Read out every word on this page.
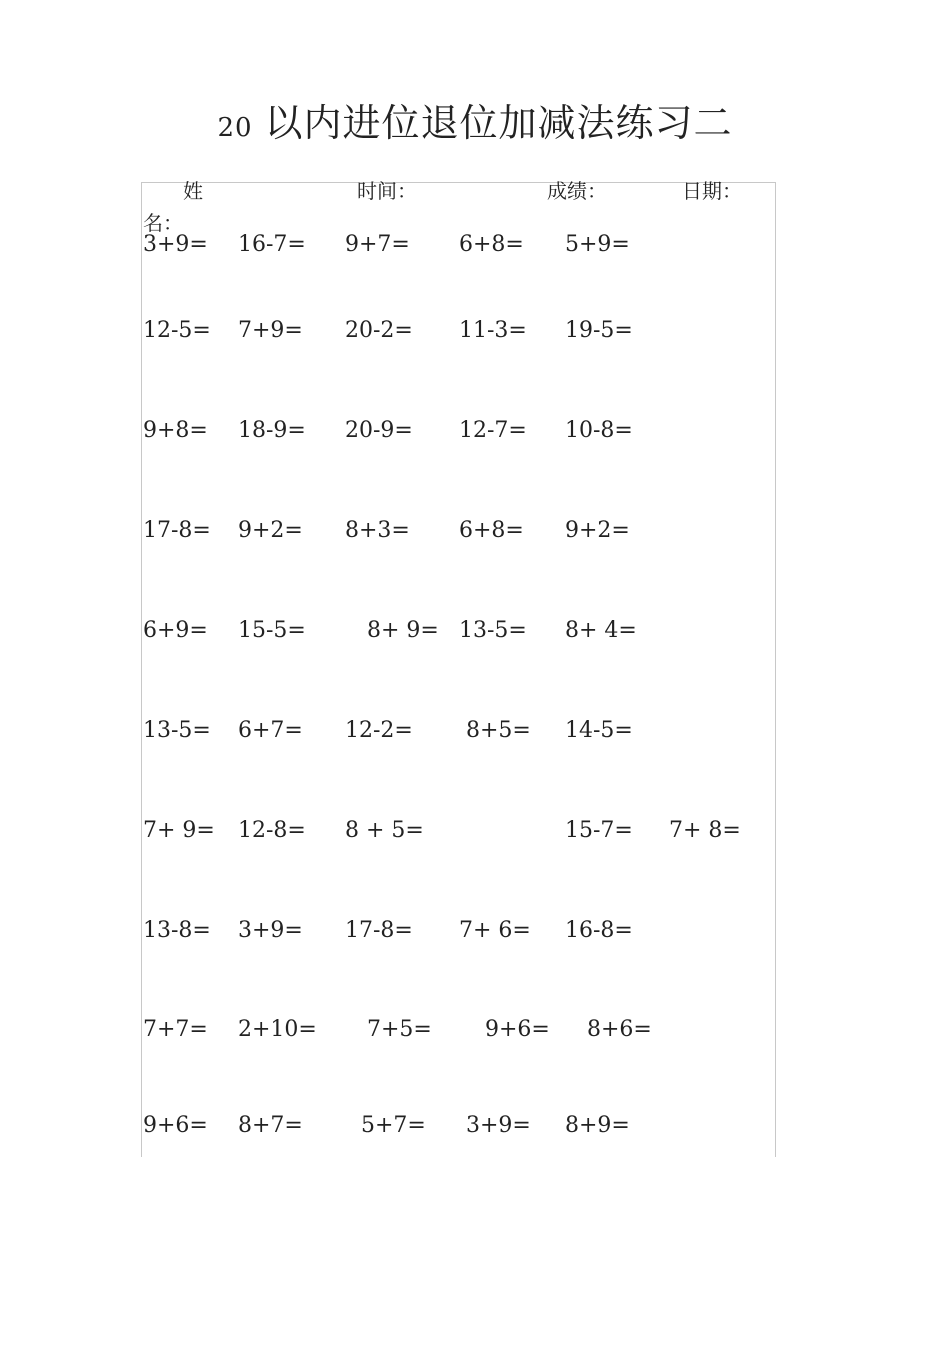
20 以内进位退位加减法练习二
姓
名：
时间：	成绩：	日期：
3+9= 16-7= 9+7= 6+8= 5+9=
12-5= 7+9= 20-2= 11-3= 19-5=
9+8= 18-9= 20-9= 12-7= 10-8=
17-8= 9+2= 8+3= 6+8= 9+2=
6+9= 15-5=	8+ 9= 13-5= 8+ 4=
13-5= 6+7= 12-2= 8+5= 14-5=
7+ 9= 12-8= 8 + 5=	15-7= 7+ 8=
13-8= 3+9= 17-8= 7+ 6= 16-8=
7+7= 2+10= 7+5= 9+6= 8+6=
9+6= 8+7=	5+7= 3+9= 8+9=
